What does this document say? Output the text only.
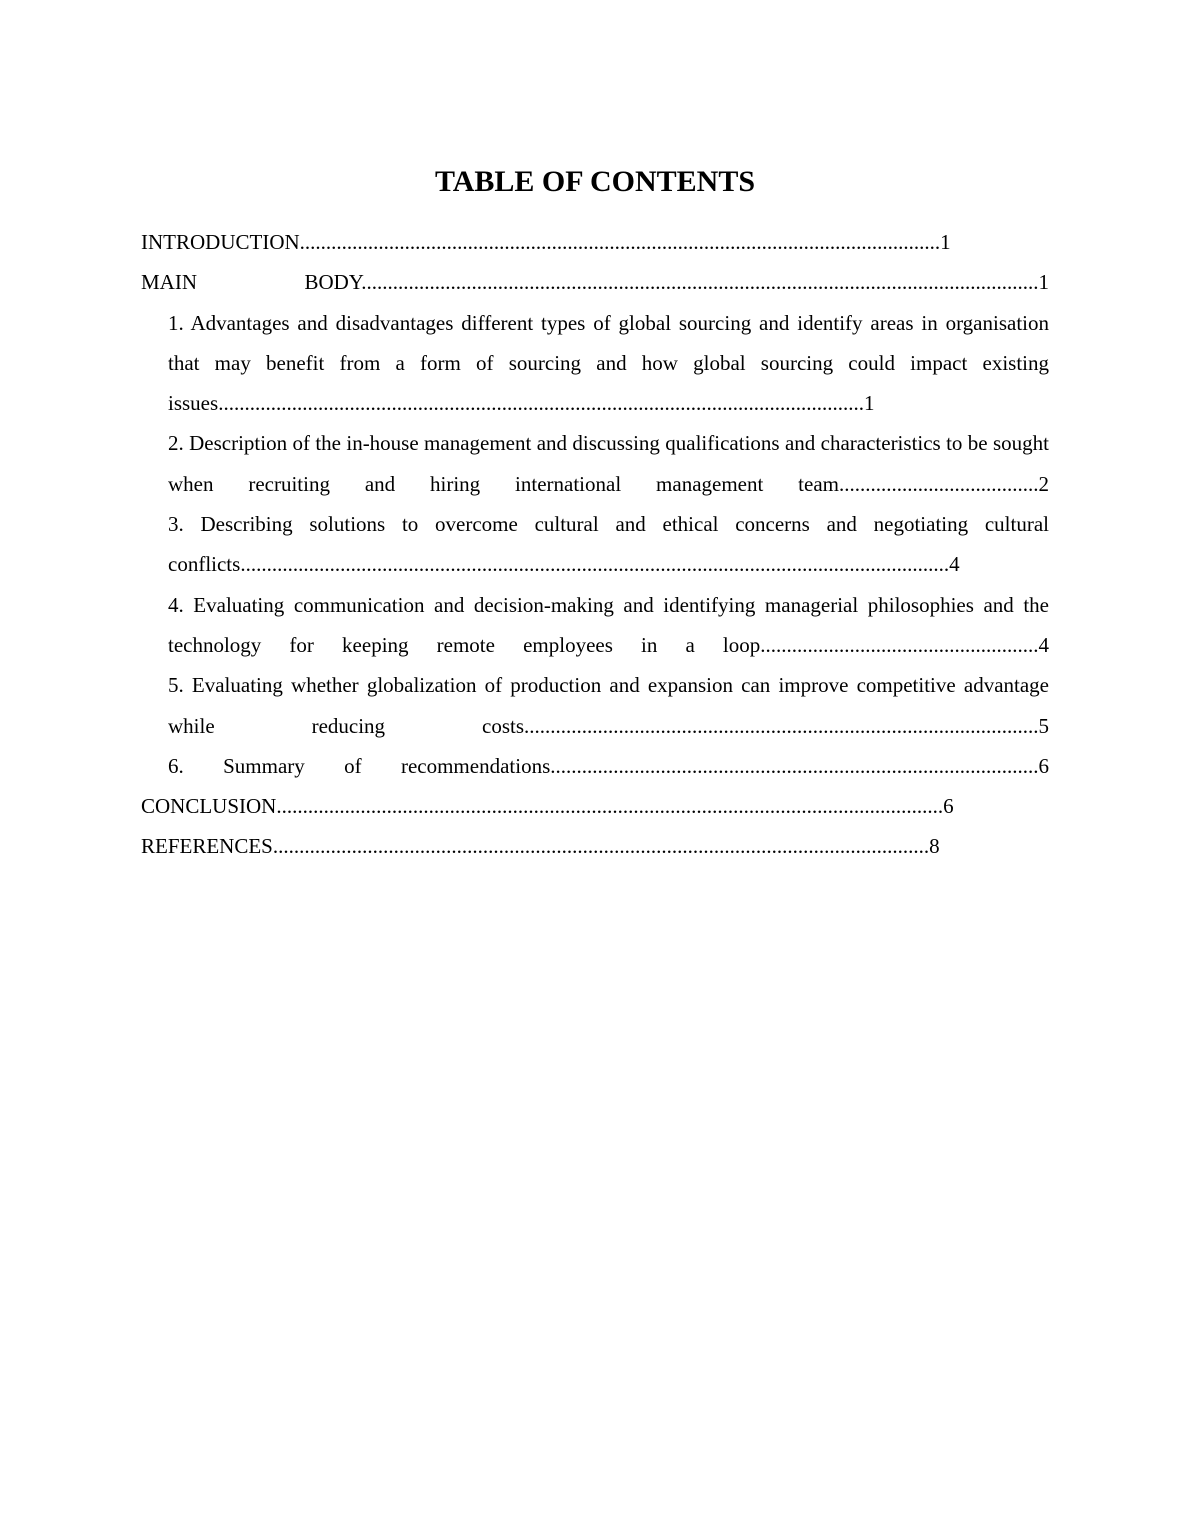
TABLE OF CONTENTS
INTRODUCTION..........................................................................................................................1
MAIN BODY.................................................................................................................................1
1. Advantages and disadvantages different types of global sourcing and identify areas in organisation that may benefit from a form of sourcing and how global sourcing could impact existing issues...........................................................................................................................1
2. Description of the in-house management and discussing qualifications and characteristics to be sought when recruiting and hiring international management team......................................2
3. Describing solutions to overcome cultural and ethical concerns and negotiating cultural conflicts.......................................................................................................................................4
4. Evaluating communication and decision-making and identifying managerial philosophies and the technology for keeping remote employees in a loop.....................................................4
5. Evaluating whether globalization of production and expansion can improve competitive advantage while reducing costs..................................................................................................5
6. Summary of recommendations.............................................................................................6
CONCLUSION...............................................................................................................................6
REFERENCES.............................................................................................................................8
